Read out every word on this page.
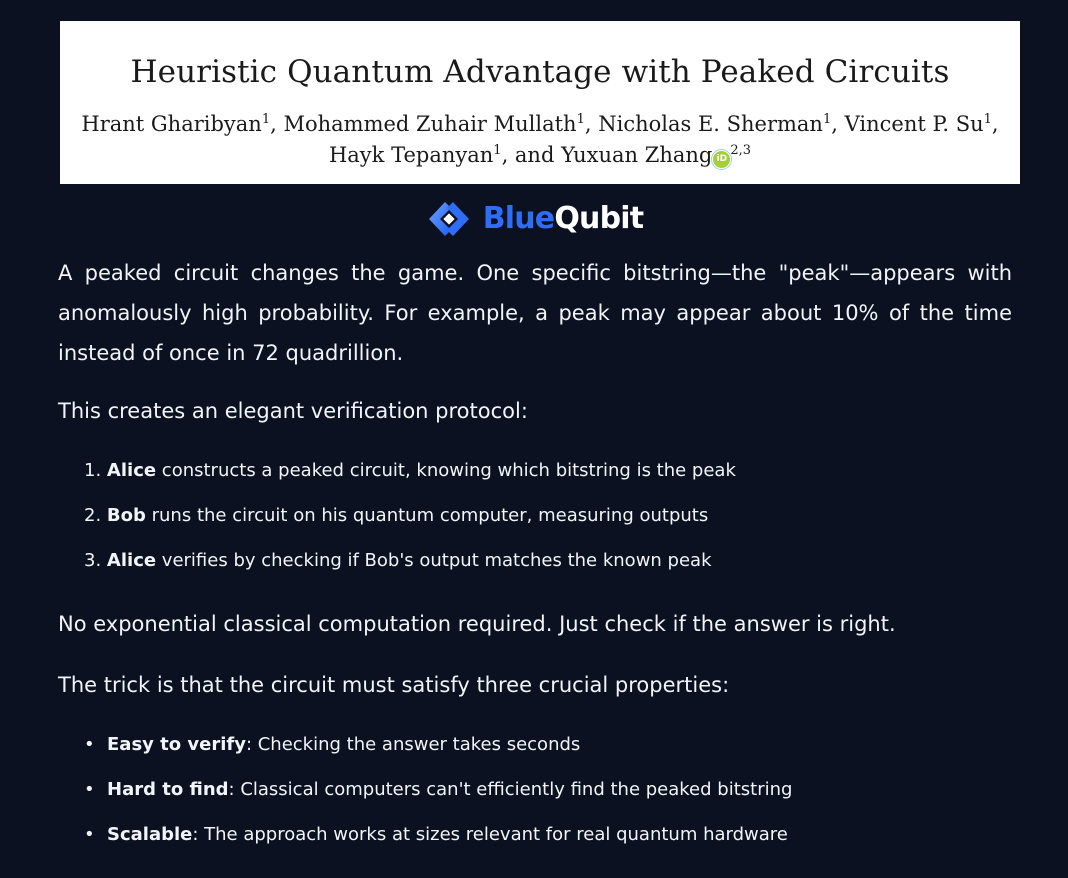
Heuristic Quantum Advantage with Peaked Circuits
Hrant Gharibyan$^1$, Mohammed Zuhair Mullath$^1$, Nicholas E. Sherman$^1$, Vincent P. Su$^1$,
Hayk Tepanyan$^1$, and Yuxuan Zhang iD$^{2,3}$
BlueQubit

A peaked circuit changes the game. One specific bitstring—the "peak"—appears with anomalously high probability. For example, a peak may appear about 10% of the time instead of once in 72 quadrillion.

This creates an elegant verification protocol:

1. Alice constructs a peaked circuit, knowing which bitstring is the peak
2. Bob runs the circuit on his quantum computer, measuring outputs
3. Alice verifies by checking if Bob's output matches the known peak

No exponential classical computation required. Just check if the answer is right.

The trick is that the circuit must satisfy three crucial properties:

• Easy to verify: Checking the answer takes seconds
• Hard to find: Classical computers can't efficiently find the peaked bitstring
• Scalable: The approach works at sizes relevant for real quantum hardware
